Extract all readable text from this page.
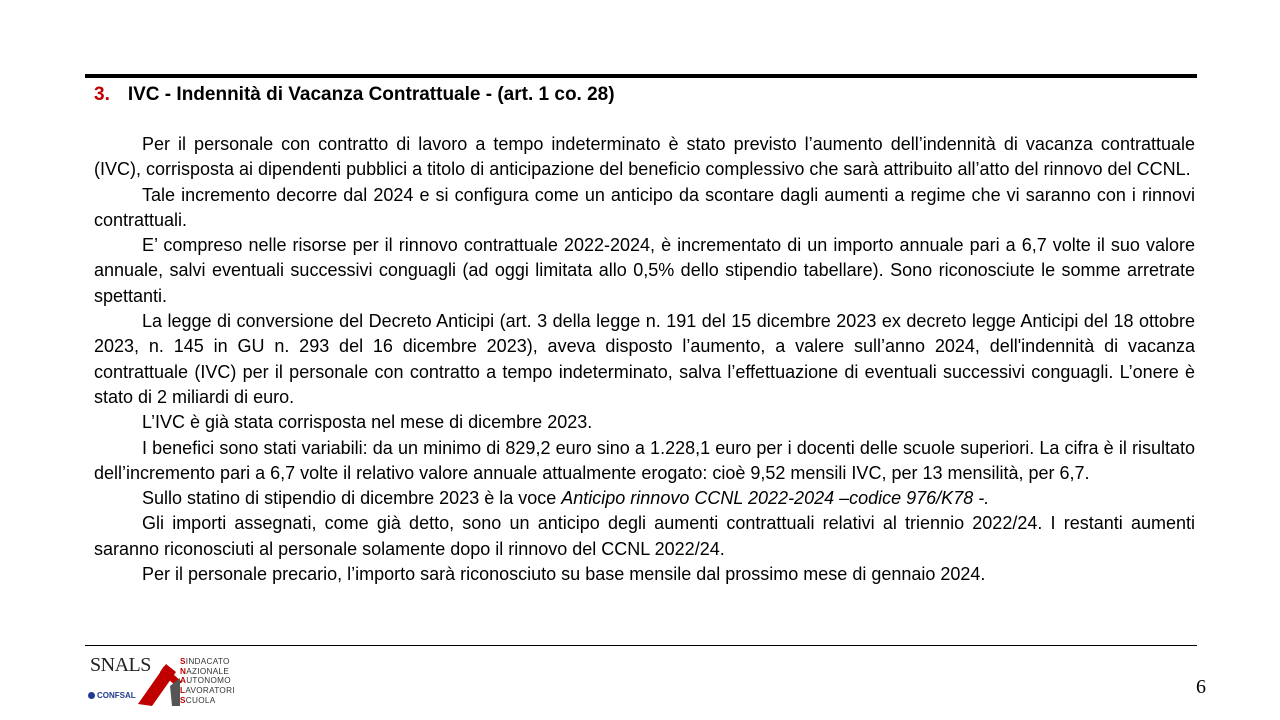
3. IVC - Indennità di Vacanza Contrattuale - (art. 1 co. 28)

Per il personale con contratto di lavoro a tempo indeterminato è stato previsto l’aumento dell’indennità di vacanza contrattuale (IVC), corrisposta ai dipendenti pubblici a titolo di anticipazione del beneficio complessivo che sarà attribuito all’atto del rinnovo del CCNL.

Tale incremento decorre dal 2024 e si configura come un anticipo da scontare dagli aumenti a regime che vi saranno con i rinnovi contrattuali.

E’ compreso nelle risorse per il rinnovo contrattuale 2022-2024, è incrementato di un importo annuale pari a 6,7 volte il suo valore annuale, salvi eventuali successivi conguagli (ad oggi limitata allo 0,5% dello stipendio tabellare). Sono riconosciute le somme arretrate spettanti.

La legge di conversione del Decreto Anticipi (art. 3 della legge n. 191 del 15 dicembre 2023 ex decreto legge Anticipi del 18 ottobre 2023, n. 145 in GU n. 293 del 16 dicembre 2023), aveva disposto l’aumento, a valere sull’anno 2024, dell'indennità di vacanza contrattuale (IVC) per il personale con contratto a tempo indeterminato, salva l’effettuazione di eventuali successivi conguagli. L’onere è stato di 2 miliardi di euro.

L’IVC è già stata corrisposta nel mese di dicembre 2023.

I benefici sono stati variabili: da un minimo di 829,2 euro sino a 1.228,1 euro per i docenti delle scuole superiori. La cifra è il risultato dell’incremento pari a 6,7 volte il relativo valore annuale attualmente erogato: cioè 9,52 mensili IVC, per 13 mensilità, per 6,7.

Sullo statino di stipendio di dicembre 2023 è la voce Anticipo rinnovo CCNL 2022-2024 –codice 976/K78 -.

Gli importi assegnati, come già detto, sono un anticipo degli aumenti contrattuali relativi al triennio 2022/24. I restanti aumenti saranno riconosciuti al personale solamente dopo il rinnovo del CCNL 2022/24.

Per il personale precario, l’importo sarà riconosciuto su base mensile dal prossimo mese di gennaio 2024.

SNALS	SINDACATO
NAZIONALE
AUTONOMO
LAVORATORI
SCUOLA
CONFSAL	6
